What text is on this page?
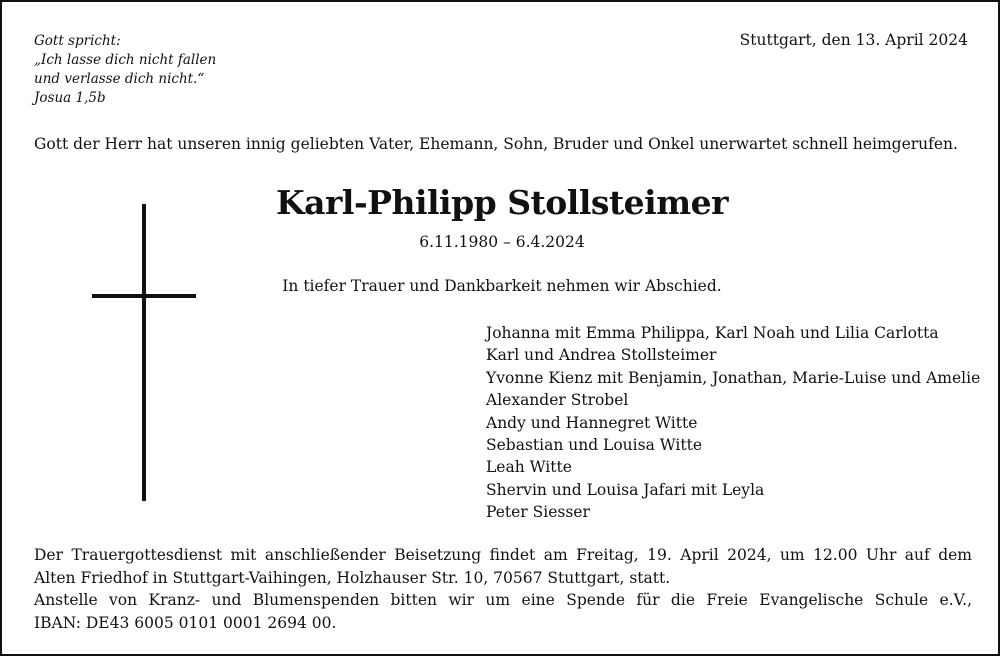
Gott spricht:
„Ich lasse dich nicht fallen
und verlasse dich nicht.“
Josua 1,5b
Stuttgart, den 13. April 2024
Gott der Herr hat unseren innig geliebten Vater, Ehemann, Sohn, Bruder und Onkel unerwartet schnell heimgerufen.
Karl-Philipp Stollsteimer
6.11.1980 – 6.4.2024
In tiefer Trauer und Dankbarkeit nehmen wir Abschied.
Johanna mit Emma Philippa, Karl Noah und Lilia Carlotta
Karl und Andrea Stollsteimer
Yvonne Kienz mit Benjamin, Jonathan, Marie-Luise und Amelie
Alexander Strobel
Andy und Hannegret Witte
Sebastian und Louisa Witte
Leah Witte
Shervin und Louisa Jafari mit Leyla
Peter Siesser

Der Trauergottesdienst mit anschließender Beisetzung findet am Freitag, 19. April 2024, um 12.00 Uhr auf dem

Alten Friedhof in Stuttgart-Vaihingen, Holzhauser Str. 10, 70567 Stuttgart, statt.

Anstelle von Kranz- und Blumenspenden bitten wir um eine Spende für die Freie Evangelische Schule e.V.,

IBAN: DE43 6005 0101 0001 2694 00.
